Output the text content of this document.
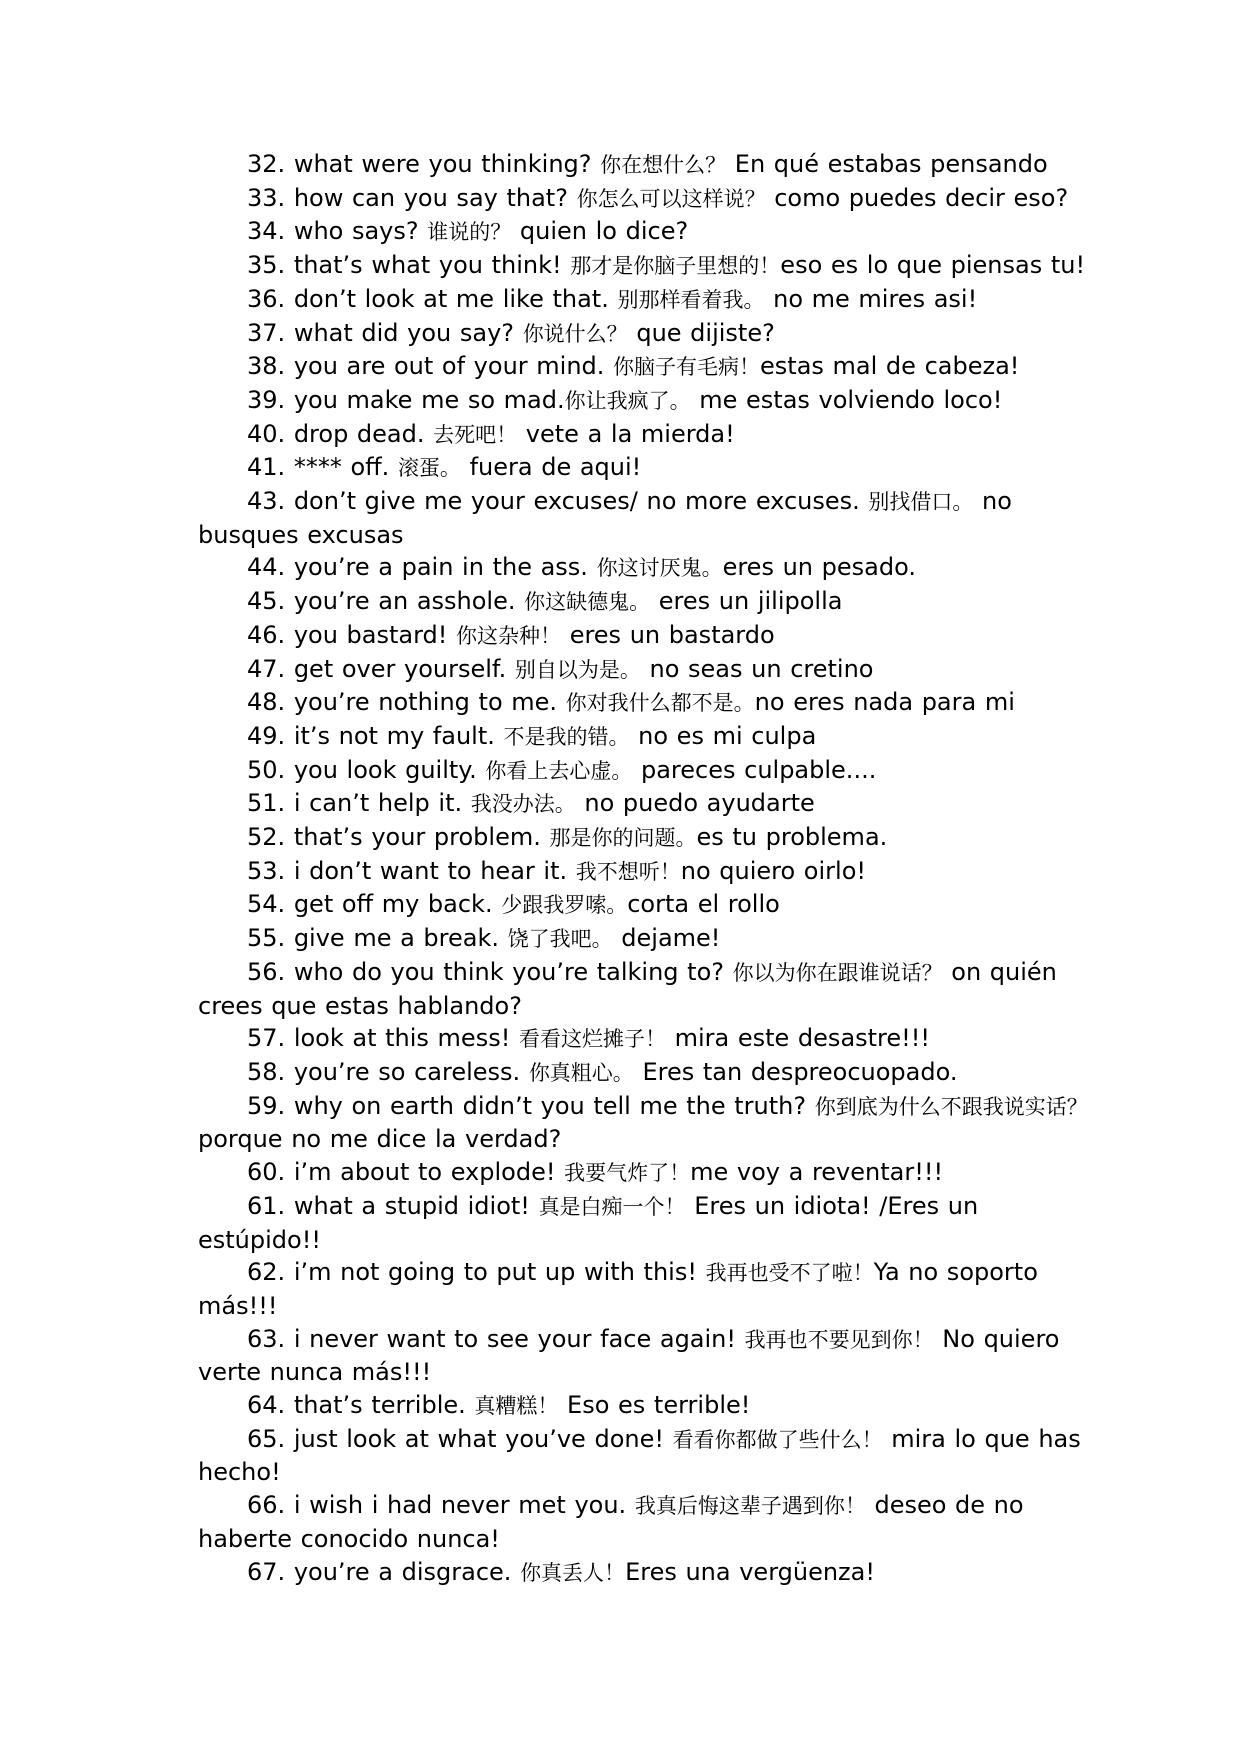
32. what were you thinking? 你在想什么？ En qué estabas pensando

33. how can you say that? 你怎么可以这样说？ como puedes decir eso?

34. who says? 谁说的？ quien lo dice?

35. that’s what you think! 那才是你脑子里想的！eso es lo que piensas tu!

36. don’t look at me like that. 别那样看着我。 no me mires asi!

37. what did you say? 你说什么？ que dijiste?

38. you are out of your mind. 你脑子有毛病！estas mal de cabeza!

39. you make me so mad.你让我疯了。 me estas volviendo loco!

40. drop dead. 去死吧！ vete a la mierda!

41. **** off. 滚蛋。 fuera de aqui!

43. don’t give me your excuses/ no more excuses. 别找借口。 no busques excusas

44. you’re a pain in the ass. 你这讨厌鬼。eres un pesado.

45. you’re an asshole. 你这缺德鬼。 eres un jilipolla

46. you bastard! 你这杂种！ eres un bastardo

47. get over yourself. 别自以为是。 no seas un cretino

48. you’re nothing to me. 你对我什么都不是。no eres nada para mi

49. it’s not my fault. 不是我的错。 no es mi culpa

50. you look guilty. 你看上去心虚。 pareces culpable....

51. i can’t help it. 我没办法。 no puedo ayudarte

52. that’s your problem. 那是你的问题。es tu problema.

53. i don’t want to hear it. 我不想听！no quiero oirlo!

54. get off my back. 少跟我罗嗦。corta el rollo

55. give me a break. 饶了我吧。 dejame!

56. who do you think you’re talking to? 你以为你在跟谁说话？ on quién crees que estas hablando?

57. look at this mess! 看看这烂摊子！ mira este desastre!!!

58. you’re so careless. 你真粗心。 Eres tan despreocuopado.

59. why on earth didn’t you tell me the truth? 你到底为什么不跟我说实话？porque no me dice la verdad?

60. i’m about to explode! 我要气炸了！me voy a reventar!!!

61. what a stupid idiot! 真是白痴一个！ Eres un idiota! /Eres un estúpido!!

62. i’m not going to put up with this! 我再也受不了啦！Ya no soporto más!!!

63. i never want to see your face again! 我再也不要见到你！ No quiero verte nunca más!!!

64. that’s terrible. 真糟糕！ Eso es terrible!

65. just look at what you’ve done! 看看你都做了些什么！ mira lo que has hecho!

66. i wish i had never met you. 我真后悔这辈子遇到你！ deseo de no haberte conocido nunca!

67. you’re a disgrace. 你真丢人！Eres una vergüenza!
